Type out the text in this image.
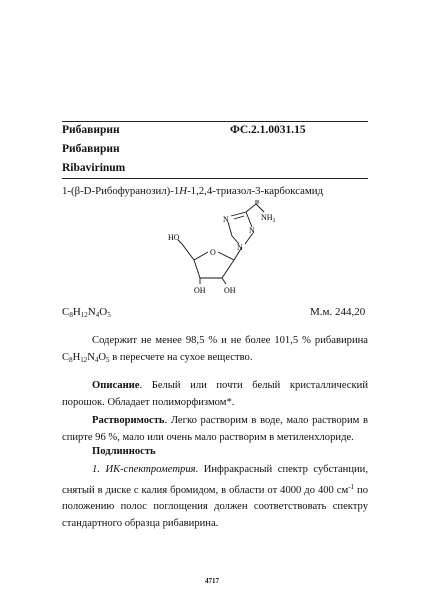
Рибавирин	ФС.2.1.0031.15
Рибавирин
Ribavirinum
1-(β-D-Рибофуранозил)-1H-1,2,4-триазол-3-карбоксамид
N
N
N
$NH_2$
O
HO
OH OH
$C_8H_{12}N_4O_5$	М.м. 244,20
Содержит не менее 98,5 % и не более 101,5 % рибавирина $C_8H_{12}N_4O_5$ в пересчете на сухое вещество.
Описание. Белый или почти белый кристаллический порошок. Обладает полиморфизмом*.
Растворимость. Легко растворим в воде, мало растворим в спирте 96 %, мало или очень мало растворим в метиленхлориде.
Подлинность
1. ИК-спектрометрия. Инфракрасный спектр субстанции, снятый в диске с калия бромидом, в области от 4000 до 400 $см^{-1}$ по положению полос поглощения должен соответствовать спектру стандартного образца рибавирина.
4717
